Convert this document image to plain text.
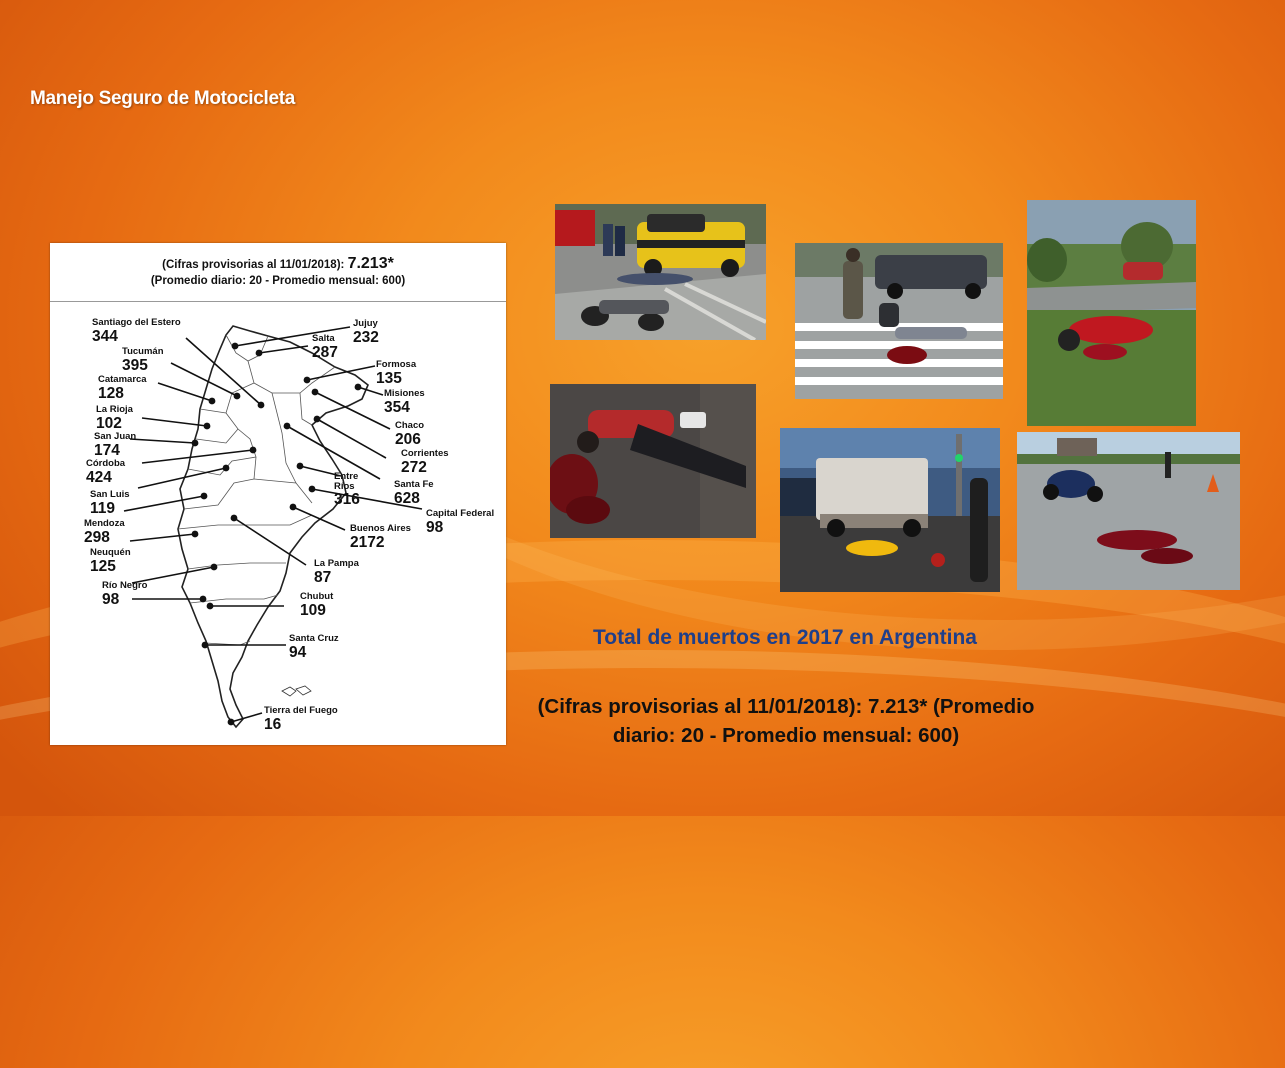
Manejo Seguro de Motocicleta
(Cifras provisorias al 11/01/2018): 7.213*
(Promedio diario: 20 - Promedio mensual: 600)
Santiago del Estero
344
Tucumán
395
Catamarca
128
La Rioja
102
San Juan
174
Córdoba
424
San Luis
119
Mendoza
298
Neuquén
125
Río Negro
98
Jujuy
232
Salta
287
Formosa
135
Misiones
354
Chaco
206
Corrientes
272
Entre Ríos
316
Santa Fe
628
Capital Federal
98
Buenos Aires
2172
La Pampa
87
Chubut
109
Santa Cruz
94
Tierra del Fuego
16
Total de muertos en 2017 en Argentina

(Cifras provisorias al 11/01/2018): 7.213* (Promedio diario: 20 - Promedio mensual: 600)
